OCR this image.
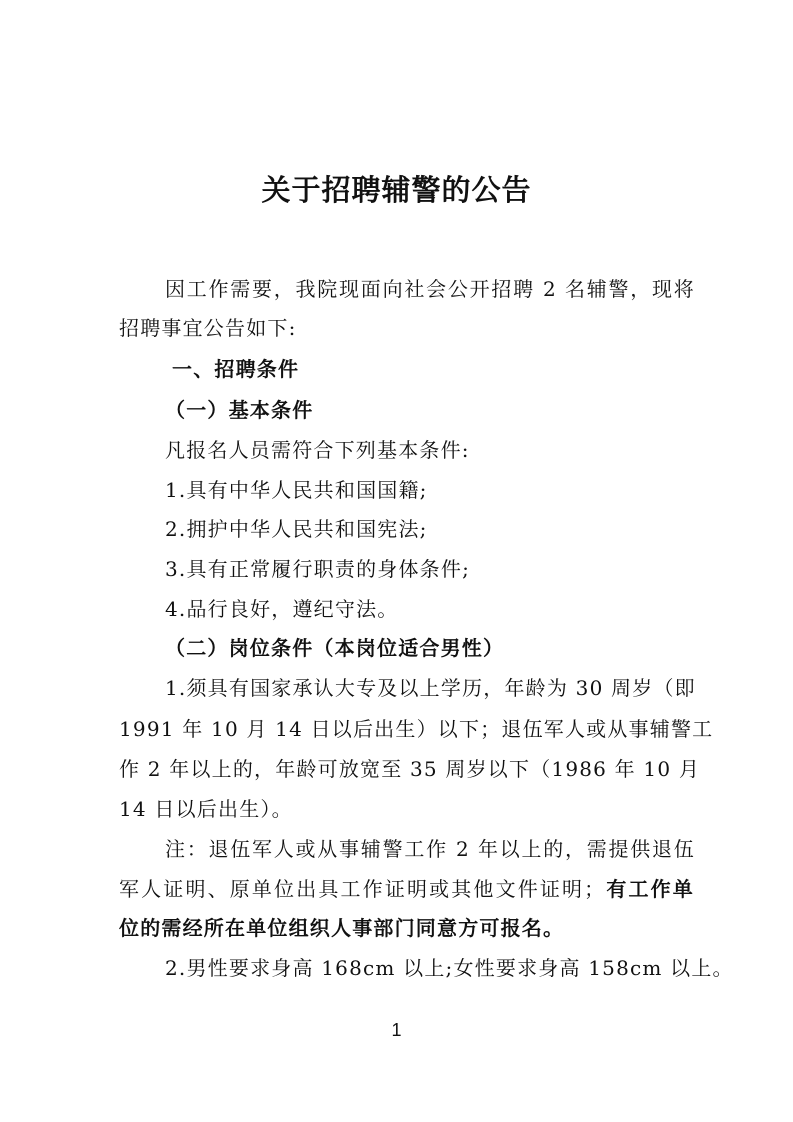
关于招聘辅警的公告
因工作需要，我院现面向社会公开招聘 2 名辅警，现将
招聘事宜公告如下:
一、招聘条件
（一）基本条件
凡报名人员需符合下列基本条件:
1.具有中华人民共和国国籍;
2.拥护中华人民共和国宪法;
3.具有正常履行职责的身体条件;
4.品行良好，遵纪守法。
（二）岗位条件（本岗位适合男性）
1.须具有国家承认大专及以上学历，年龄为 30 周岁（即
1991 年 10 月 14 日以后出生）以下；退伍军人或从事辅警工
作 2 年以上的，年龄可放宽至 35 周岁以下（1986 年 10 月
14 日以后出生）。
注：退伍军人或从事辅警工作 2 年以上的，需提供退伍
军人证明、原单位出具工作证明或其他文件证明；有工作单
位的需经所在单位组织人事部门同意方可报名。
2.男性要求身高 168cm 以上;女性要求身高 158cm 以上。
1
